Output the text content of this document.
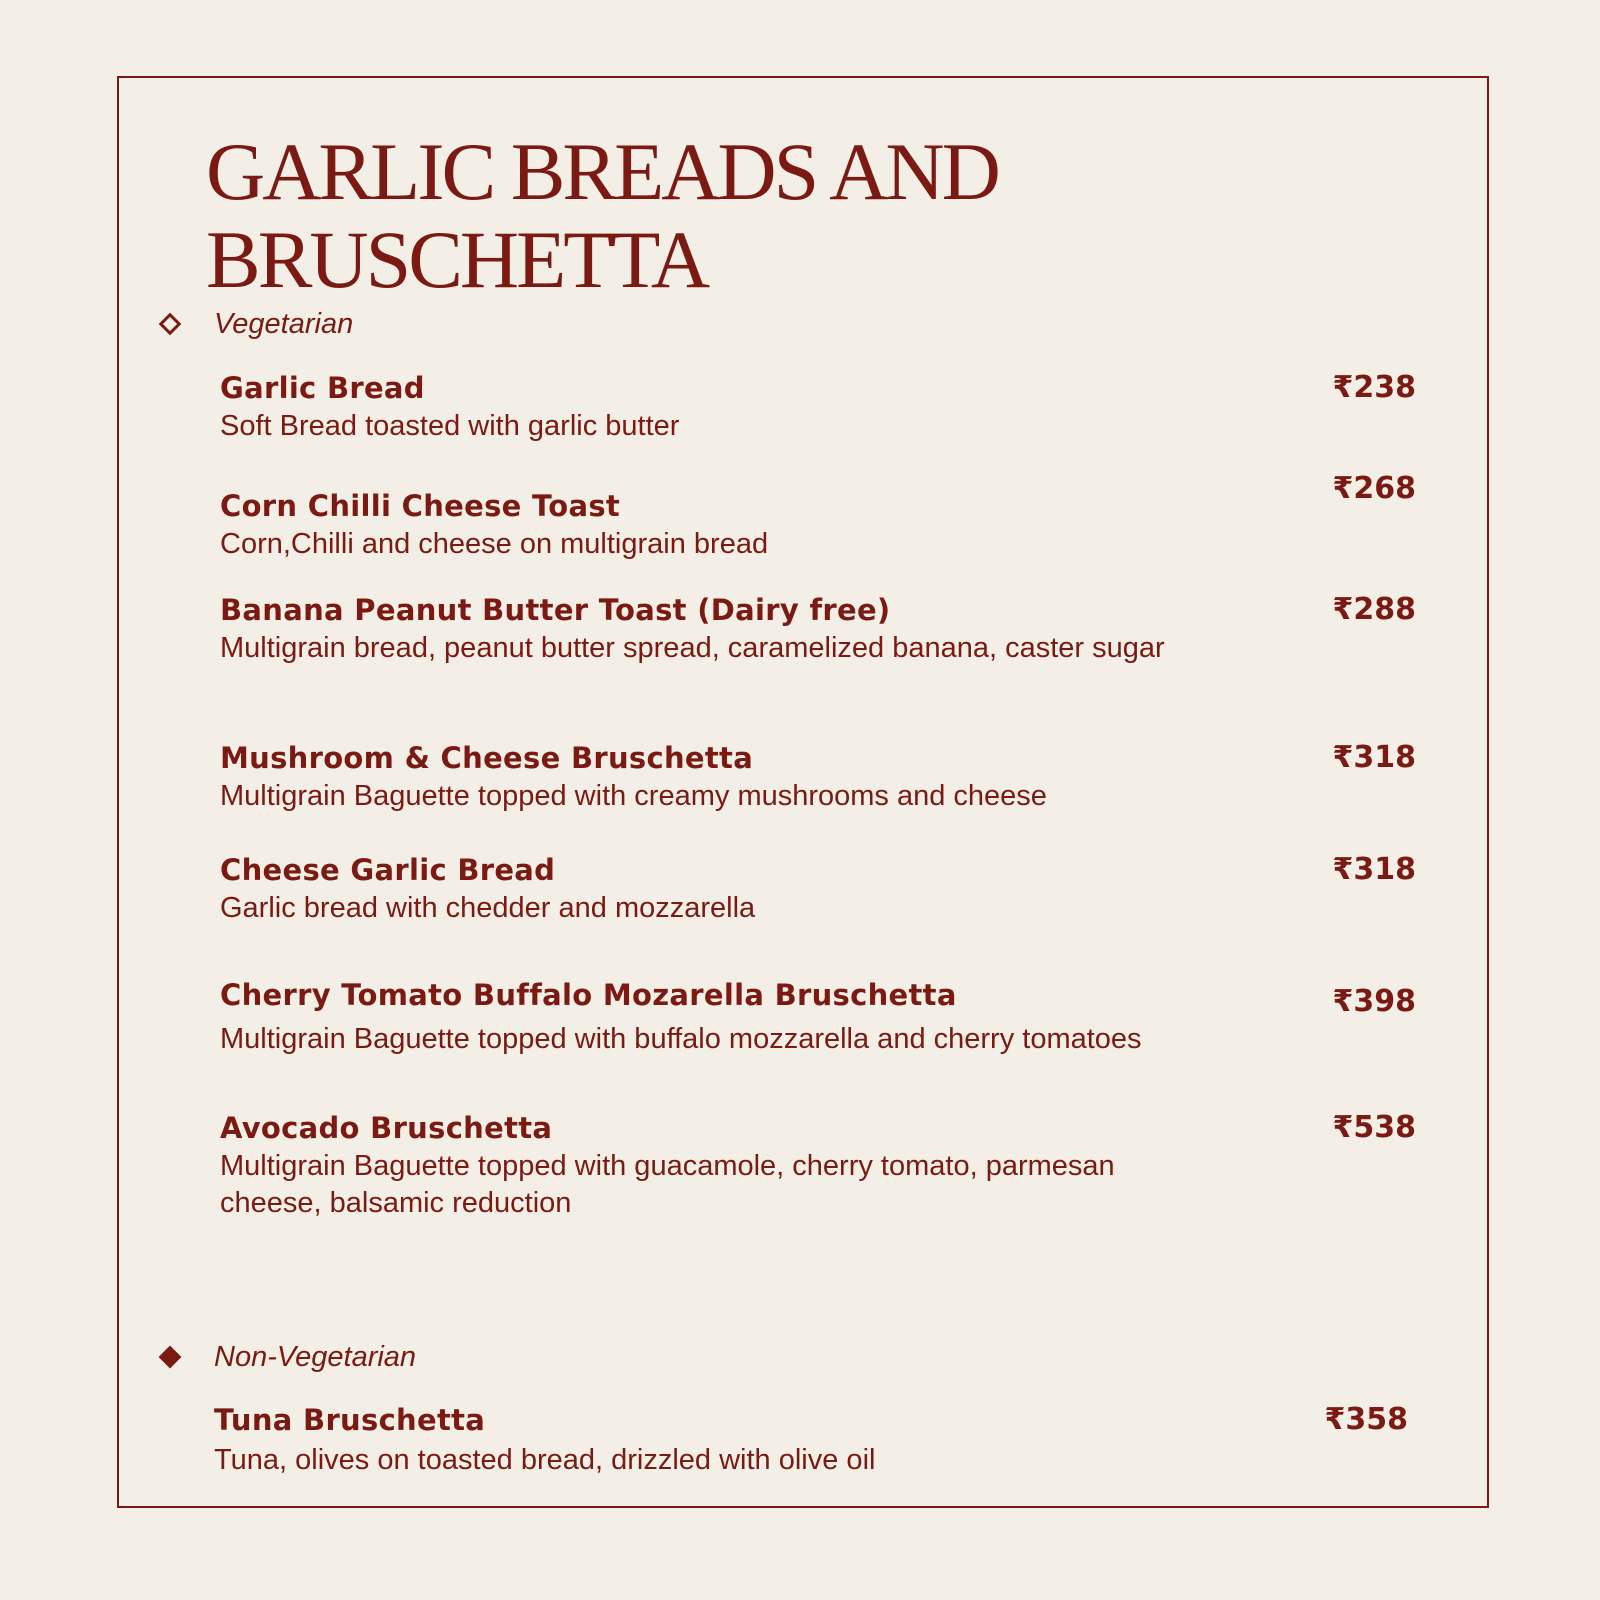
GARLIC BREADS AND
BRUSCHETTA
Vegetarian
Garlic Bread
Soft Bread toasted with garlic butter
₹238
Corn Chilli Cheese Toast
Corn,Chilli and cheese on multigrain bread
₹268
Banana Peanut Butter Toast (Dairy free)
Multigrain bread, peanut butter spread, caramelized banana, caster sugar
₹288
Mushroom & Cheese Bruschetta
Multigrain Baguette topped with creamy mushrooms and cheese
₹318
Cheese Garlic Bread
Garlic bread with chedder and mozzarella
₹318
Cherry Tomato Buffalo Mozarella Bruschetta
Multigrain Baguette topped with buffalo mozzarella and cherry tomatoes
₹398
Avocado Bruschetta
Multigrain Baguette topped with guacamole, cherry tomato, parmesan cheese, balsamic reduction
₹538
Non-Vegetarian
Tuna Bruschetta
Tuna, olives on toasted bread, drizzled with olive oil
₹358
